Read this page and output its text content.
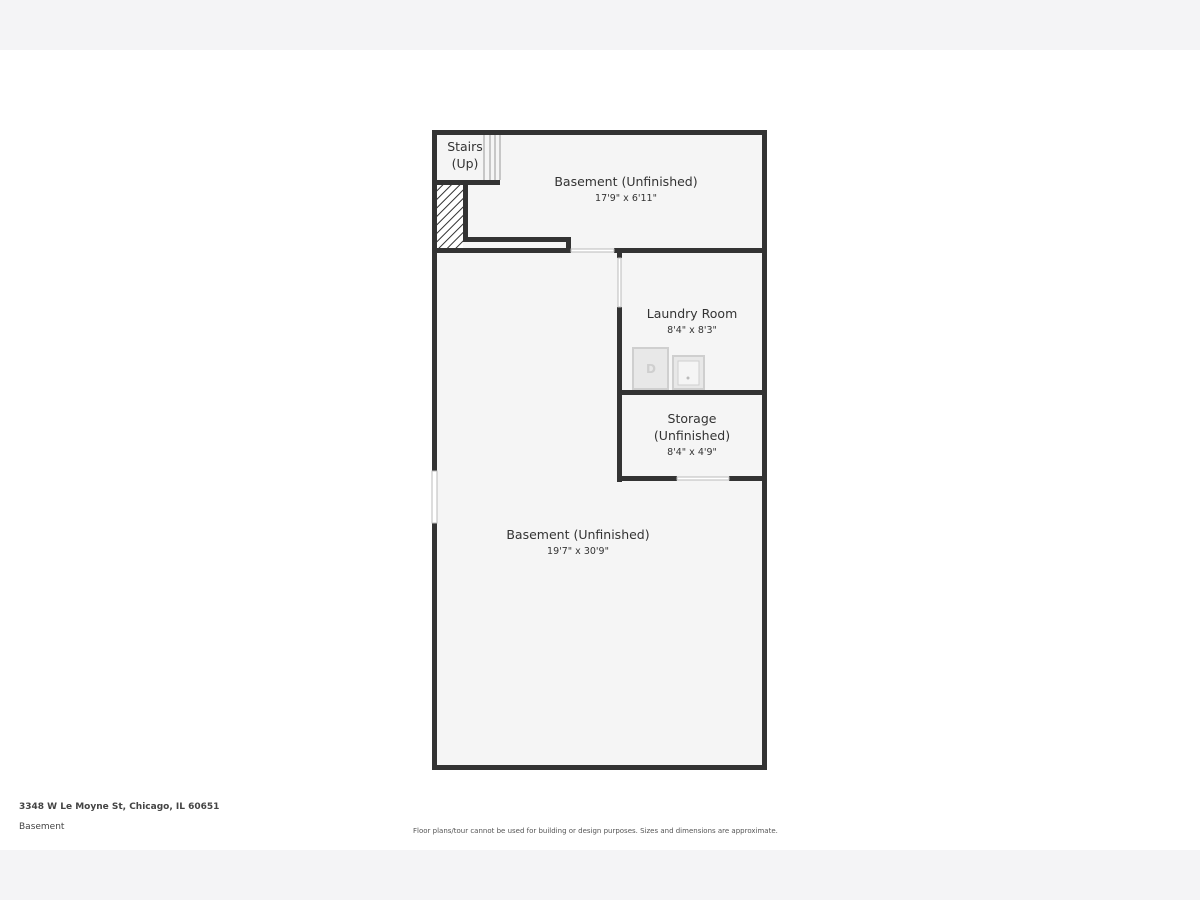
D
Stairs
(Up)
Basement (Unfinished)
17'9" x 6'11"
Laundry Room
8'4" x 8'3"
Storage
(Unfinished)
8'4" x 4'9"
Basement (Unfinished)
19'7" x 30'9"
3348 W Le Moyne St, Chicago, IL 60651
Basement	Floor plans/tour cannot be used for building or design purposes. Sizes and dimensions are approximate.
